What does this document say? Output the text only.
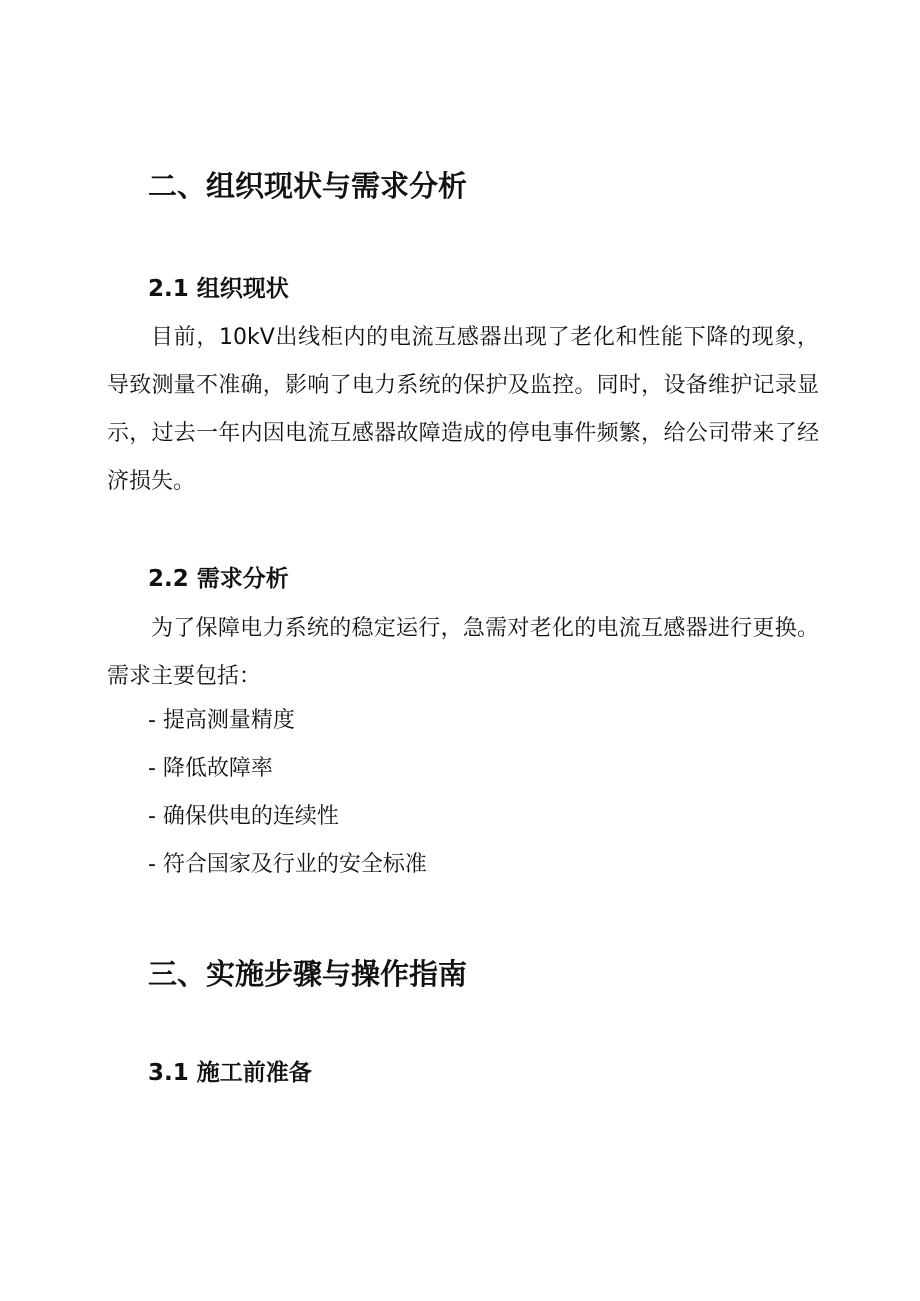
二、组织现状与需求分析
2.1 组织现状

目前，10kV出线柜内的电流互感器出现了老化和性能下降的现象，导致测量不准确，影响了电力系统的保护及监控。同时，设备维护记录显示，过去一年内因电流互感器故障造成的停电事件频繁，给公司带来了经济损失。

2.2 需求分析

为了保障电力系统的稳定运行，急需对老化的电流互感器进行更换。需求主要包括：

- 提高测量精度

- 降低故障率

- 确保供电的连续性

- 符合国家及行业的安全标准

三、实施步骤与操作指南
3.1 施工前准备
